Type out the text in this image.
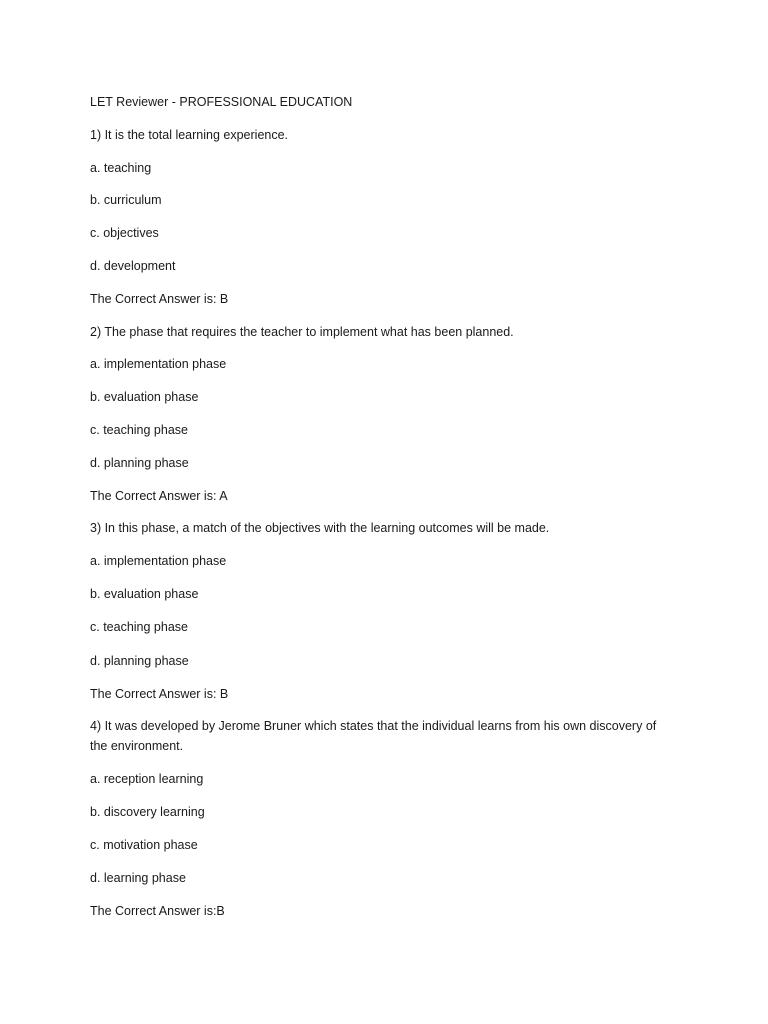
LET Reviewer - PROFESSIONAL EDUCATION
1) It is the total learning experience.
a. teaching
b. curriculum
c. objectives
d. development
The Correct Answer is: B
2) The phase that requires the teacher to implement what has been planned.
a. implementation phase
b. evaluation phase
c. teaching phase
d. planning phase
The Correct Answer is: A
3) In this phase, a match of the objectives with the learning outcomes will be made.
a. implementation phase
b. evaluation phase
c. teaching phase
d. planning phase
The Correct Answer is: B
4) It was developed by Jerome Bruner which states that the individual learns from his own discovery of the environment.
a. reception learning
b. discovery learning
c. motivation phase
d. learning phase
The Correct Answer is:B
